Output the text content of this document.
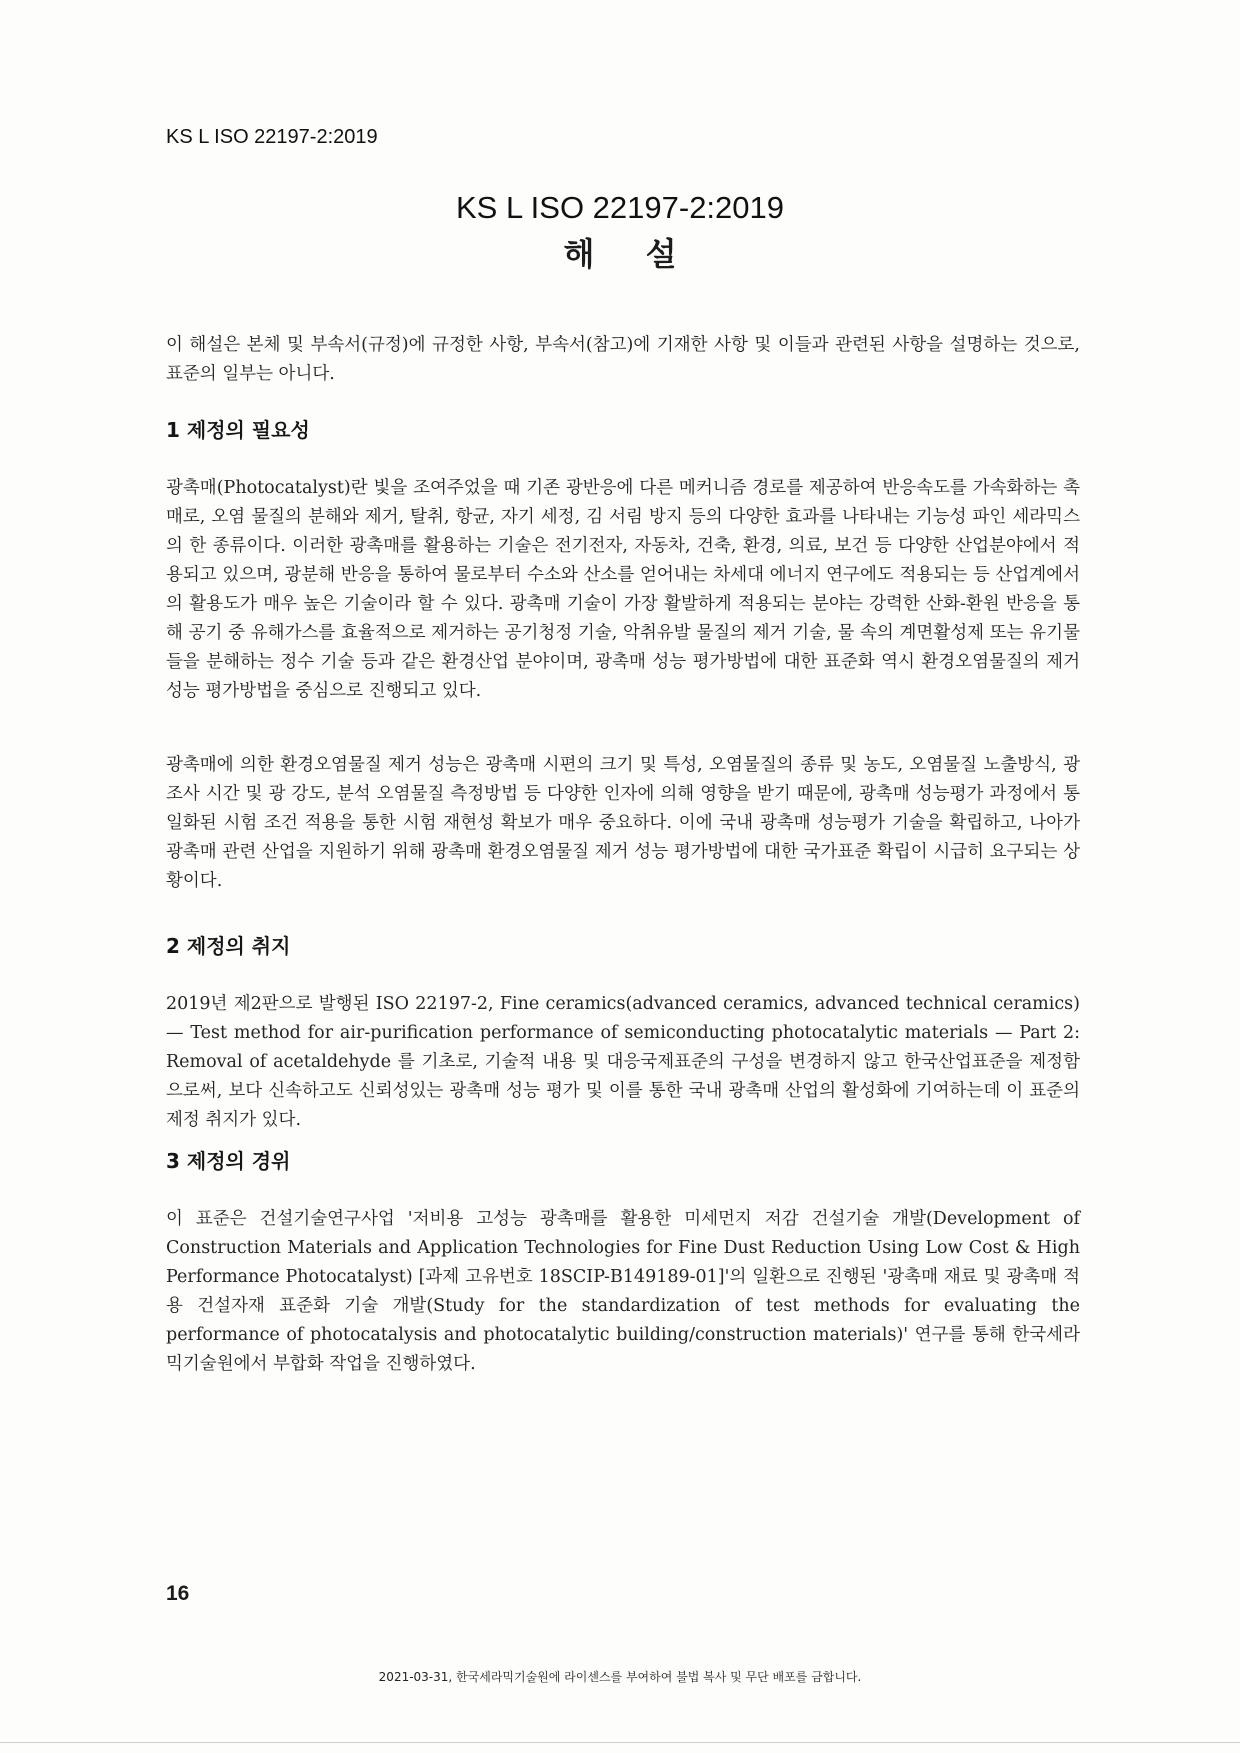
KS L ISO 22197-2:2019
KS L ISO 22197-2:2019
해 설
이 해설은 본체 및 부속서(규정)에 규정한 사항, 부속서(참고)에 기재한 사항 및 이들과 관련된 사항을 설명하는 것으로, 표준의 일부는 아니다.
1 제정의 필요성
광촉매(Photocatalyst)란 빛을 조여주었을 때 기존 광반응에 다른 메커니즘 경로를 제공하여 반응속도를 가속화하는 촉매로, 오염 물질의 분해와 제거, 탈취, 항균, 자기 세정, 김 서림 방지 등의 다양한 효과를 나타내는 기능성 파인 세라믹스의 한 종류이다. 이러한 광촉매를 활용하는 기술은 전기전자, 자동차, 건축, 환경, 의료, 보건 등 다양한 산업분야에서 적용되고 있으며, 광분해 반응을 통하여 물로부터 수소와 산소를 얻어내는 차세대 에너지 연구에도 적용되는 등 산업계에서의 활용도가 매우 높은 기술이라 할 수 있다. 광촉매 기술이 가장 활발하게 적용되는 분야는 강력한 산화-환원 반응을 통해 공기 중 유해가스를 효율적으로 제거하는 공기청정 기술, 악취유발 물질의 제거 기술, 물 속의 계면활성제 또는 유기물들을 분해하는 정수 기술 등과 같은 환경산업 분야이며, 광촉매 성능 평가방법에 대한 표준화 역시 환경오염물질의 제거 성능 평가방법을 중심으로 진행되고 있다.
광촉매에 의한 환경오염물질 제거 성능은 광촉매 시편의 크기 및 특성, 오염물질의 종류 및 농도, 오염물질 노출방식, 광 조사 시간 및 광 강도, 분석 오염물질 측정방법 등 다양한 인자에 의해 영향을 받기 때문에, 광촉매 성능평가 과정에서 통일화된 시험 조건 적용을 통한 시험 재현성 확보가 매우 중요하다. 이에 국내 광촉매 성능평가 기술을 확립하고, 나아가 광촉매 관련 산업을 지원하기 위해 광촉매 환경오염물질 제거 성능 평가방법에 대한 국가표준 확립이 시급히 요구되는 상황이다.
2 제정의 취지
2019년 제2판으로 발행된 ISO 22197-2, Fine ceramics(advanced ceramics, advanced technical ceramics) — Test method for air-purification performance of semiconducting photocatalytic materials — Part 2: Removal of acetaldehyde 를 기초로, 기술적 내용 및 대응국제표준의 구성을 변경하지 않고 한국산업표준을 제정함으로써, 보다 신속하고도 신뢰성있는 광촉매 성능 평가 및 이를 통한 국내 광촉매 산업의 활성화에 기여하는데 이 표준의 제정 취지가 있다.
3 제정의 경위
이 표준은 건설기술연구사업 '저비용 고성능 광촉매를 활용한 미세먼지 저감 건설기술 개발(Development of Construction Materials and Application Technologies for Fine Dust Reduction Using Low Cost & High Performance Photocatalyst) [과제 고유번호 18SCIP-B149189-01]'의 일환으로 진행된 '광촉매 재료 및 광촉매 적용 건설자재 표준화 기술 개발(Study for the standardization of test methods for evaluating the performance of photocatalysis and photocatalytic building/construction materials)' 연구를 통해 한국세라믹기술원에서 부합화 작업을 진행하였다.
16
2021-03-31, 한국세라믹기술원에 라이센스를 부여하여 불법 복사 및 무단 배포를 금합니다.
